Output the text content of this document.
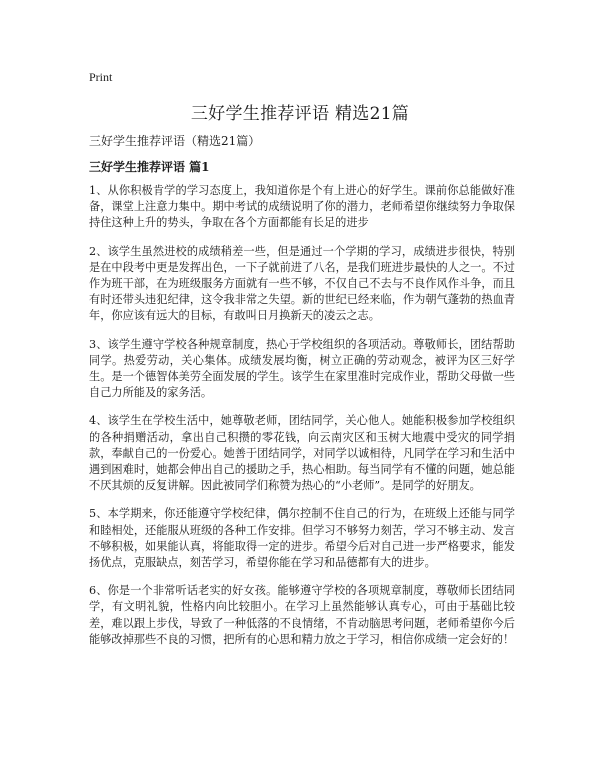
Print
三好学生推荐评语 精选21篇

三好学生推荐评语（精选21篇）

三好学生推荐评语 篇1

1、从你积极肯学的学习态度上，我知道你是个有上进心的好学生。课前你总能做好准备，课堂上注意力集中。期中考试的成绩说明了你的潜力，老师希望你继续努力争取保持住这种上升的势头，争取在各个方面都能有长足的进步

2、该学生虽然进校的成绩稍差一些，但是通过一个学期的学习，成绩进步很快，特别是在中段考中更是发挥出色，一下子就前进了八名，是我们班进步最快的人之一。不过作为班干部，在为班级服务方面就有一些不够，不仅自己不去与不良作风作斗争，而且有时还带头违犯纪律，这令我非常之失望。新的世纪已经来临，作为朝气蓬勃的热血青年，你应该有远大的目标，有敢叫日月换新天的凌云之志。

3、该学生遵守学校各种规章制度，热心于学校组织的各项活动。尊敬师长，团结帮助同学。热爱劳动，关心集体。成绩发展均衡，树立正确的劳动观念，被评为区三好学生。是一个德智体美劳全面发展的学生。该学生在家里准时完成作业，帮助父母做一些自己力所能及的家务活。

4、该学生在学校生活中，她尊敬老师，团结同学，关心他人。她能积极参加学校组织的各种捐赠活动，拿出自己积攒的零花钱，向云南灾区和玉树大地震中受灾的同学捐款，奉献自己的一份爱心。她善于团结同学，对同学以诚相待，凡同学在学习和生活中遇到困难时，她都会伸出自己的援助之手，热心相助。每当同学有不懂的问题，她总能不厌其烦的反复讲解。因此被同学们称赞为热心的“小老师”。是同学的好朋友。

5、本学期来，你还能遵守学校纪律，偶尔控制不住自己的行为，在班级上还能与同学和睦相处，还能服从班级的各种工作安排。但学习不够努力刻苦，学习不够主动、发言不够积极，如果能认真，将能取得一定的进步。希望今后对自己进一步严格要求，能发扬优点，克服缺点，刻苦学习，希望你能在学习和品德都有大的进步。

6、你是一个非常听话老实的好女孩。能够遵守学校的各项规章制度，尊敬师长团结同学，有文明礼貌，性格内向比较胆小。在学习上虽然能够认真专心，可由于基础比较差，难以跟上步伐，导致了一种低落的不良情绪，不肯动脑思考问题，老师希望你今后能够改掉那些不良的习惯，把所有的心思和精力放之于学习，相信你成绩一定会好的！
